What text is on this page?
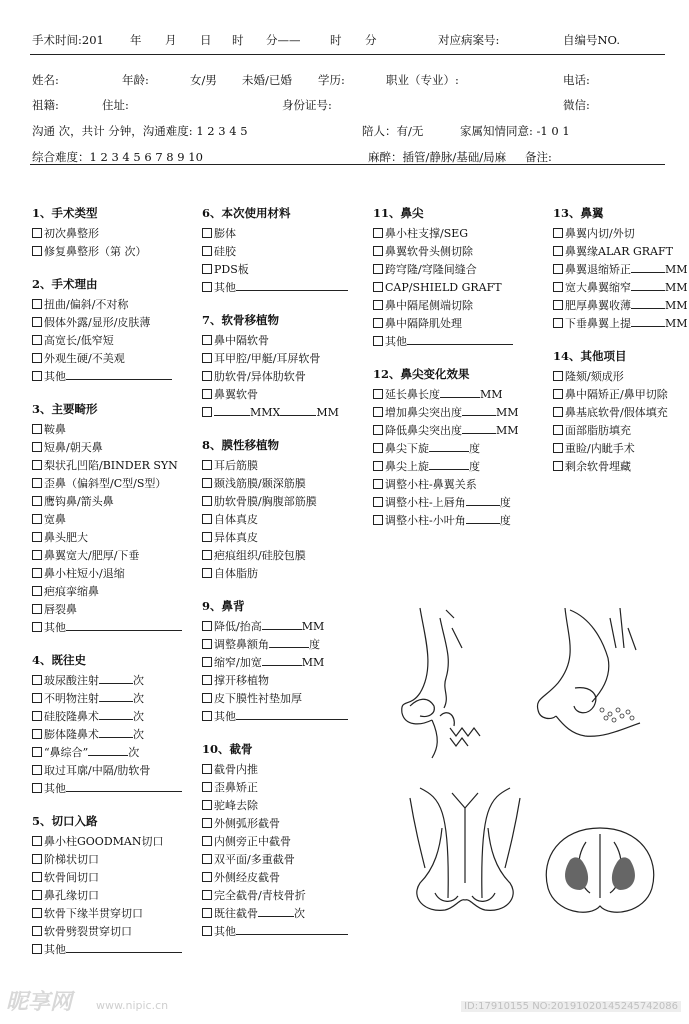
手术时间:201 年 月 日 时 分——	时 分	对应病案号:	自编号NO.
姓名:	年龄:	女/男 未婚/已婚 学历:	职业（专业）:	电话:
祖籍:	住址:	身份证号:	微信:
沟通 次，共计 分钟，沟通难度: 1 2 3 4 5	陪人：有/无	家属知情同意: -1 0 1
综合难度：1 2 3 4 5 6 7 8 9 10	麻醉：插管/静脉/基础/局麻 备注:
1、手术类型
初次鼻整形
修复鼻整形（第 次）
2、手术理由
扭曲/偏斜/不对称
假体外露/显形/皮肤薄
高宽长/低窄短
外观生硬/不美观
其他
3、主要畸形
鞍鼻
短鼻/朝天鼻
梨状孔凹陷/BINDER SYN
歪鼻（偏斜型/C型/S型）
鹰钩鼻/箭头鼻
宽鼻
鼻头肥大
鼻翼宽大/肥厚/下垂
鼻小柱短小/退缩
疤痕挛缩鼻
唇裂鼻
其他
4、既往史
玻尿酸注射	次
不明物注射	次
硅胶隆鼻术	次
膨体隆鼻术	次
“鼻综合”	次
取过耳廓/中隔/肋软骨
其他
5、切口入路
鼻小柱GOODMAN切口
阶梯状切口
软骨间切口
鼻孔缘切口
软骨下缘半贯穿切口
软骨劈裂贯穿切口
其他
6、本次使用材料
膨体
硅胶
PDS板
其他
7、软骨移植物
鼻中隔软骨
耳甲腔/甲艇/耳屏软骨
肋软骨/异体肋软骨
鼻翼软骨
MMX	MM
8、膜性移植物
耳后筋膜
颞浅筋膜/颞深筋膜
肋软骨膜/胸腹部筋膜
自体真皮
异体真皮
疤痕组织/硅胶包膜
自体脂肪
9、鼻背
降低/抬高	MM
调整鼻额角	度
缩窄/加宽	MM
撑开移植物
皮下膜性衬垫加厚
其他
10、截骨
截骨内推
歪鼻矫正
驼峰去除
外侧弧形截骨
内侧旁正中截骨
双平面/多重截骨
外侧经皮截骨
完全截骨/青枝骨折
既往截骨	次
其他
11、鼻尖
鼻小柱支撑/SEG
鼻翼软骨头侧切除
跨穹隆/穹隆间缝合
CAP/SHIELD GRAFT
鼻中隔尾侧端切除
鼻中隔降肌处理
其他
12、鼻尖变化效果
延长鼻长度	MM
增加鼻尖突出度	MM
降低鼻尖突出度	MM
鼻尖下旋	度
鼻尖上旋	度
调整小柱-鼻翼关系
调整小柱-上唇角	度
调整小柱-小叶角	度
13、鼻翼
鼻翼内切/外切
鼻翼缘ALAR GRAFT
鼻翼退缩矫正	MM
宽大鼻翼缩窄	MM
肥厚鼻翼收薄	MM
下垂鼻翼上提	MM
14、其他项目
隆颏/颏成形
鼻中隔矫正/鼻甲切除
鼻基底软骨/假体填充
面部脂肪填充
重睑/内眦手术
剩余软骨埋藏
昵享网 www.nipic.cn	ID:17910155 NO:20191020145245742086
